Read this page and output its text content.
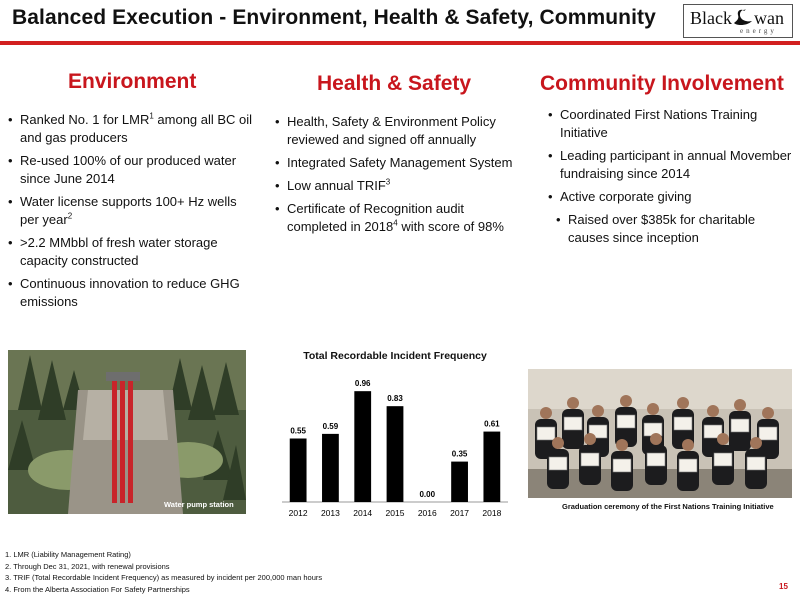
Balanced Execution - Environment, Health & Safety, Community Black wan
energy
Environment	Health & Safety	Community Involvement
• Ranked No. 1 for LMR$^1$ among all BC oil and gas producers
• Re-used 100% of our produced water since June 2014
• Water license supports 100+ Hz wells per year$^2$
• >2.2 MMbbl of fresh water storage capacity constructed
• Continuous innovation to reduce GHG emissions
• Health, Safety & Environment Policy reviewed and signed off annually
• Integrated Safety Management System
• Low annual TRIF$^3$
• Certificate of Recognition audit completed in 2018$^4$ with score of 98%
• Coordinated First Nations Training Initiative
• Leading participant in annual Movember fundraising since 2014
• Active corporate giving
• Raised over $385k for charitable causes since inception
Water pump station
Total Recordable Incident Frequency
0.55
2012
0.59
2013
0.96
2014
0.83
2015
0.00
2016
0.35
2017
0.61
2018
Graduation ceremony of the First Nations Training Initiative
1. LMR (Liability Management Rating)
2. Through Dec 31, 2021, with renewal provisions
3. TRIF (Total Recordable Incident Frequency) as measured by incident per 200,000 man hours
4. From the Alberta Association For Safety Partnerships	15
